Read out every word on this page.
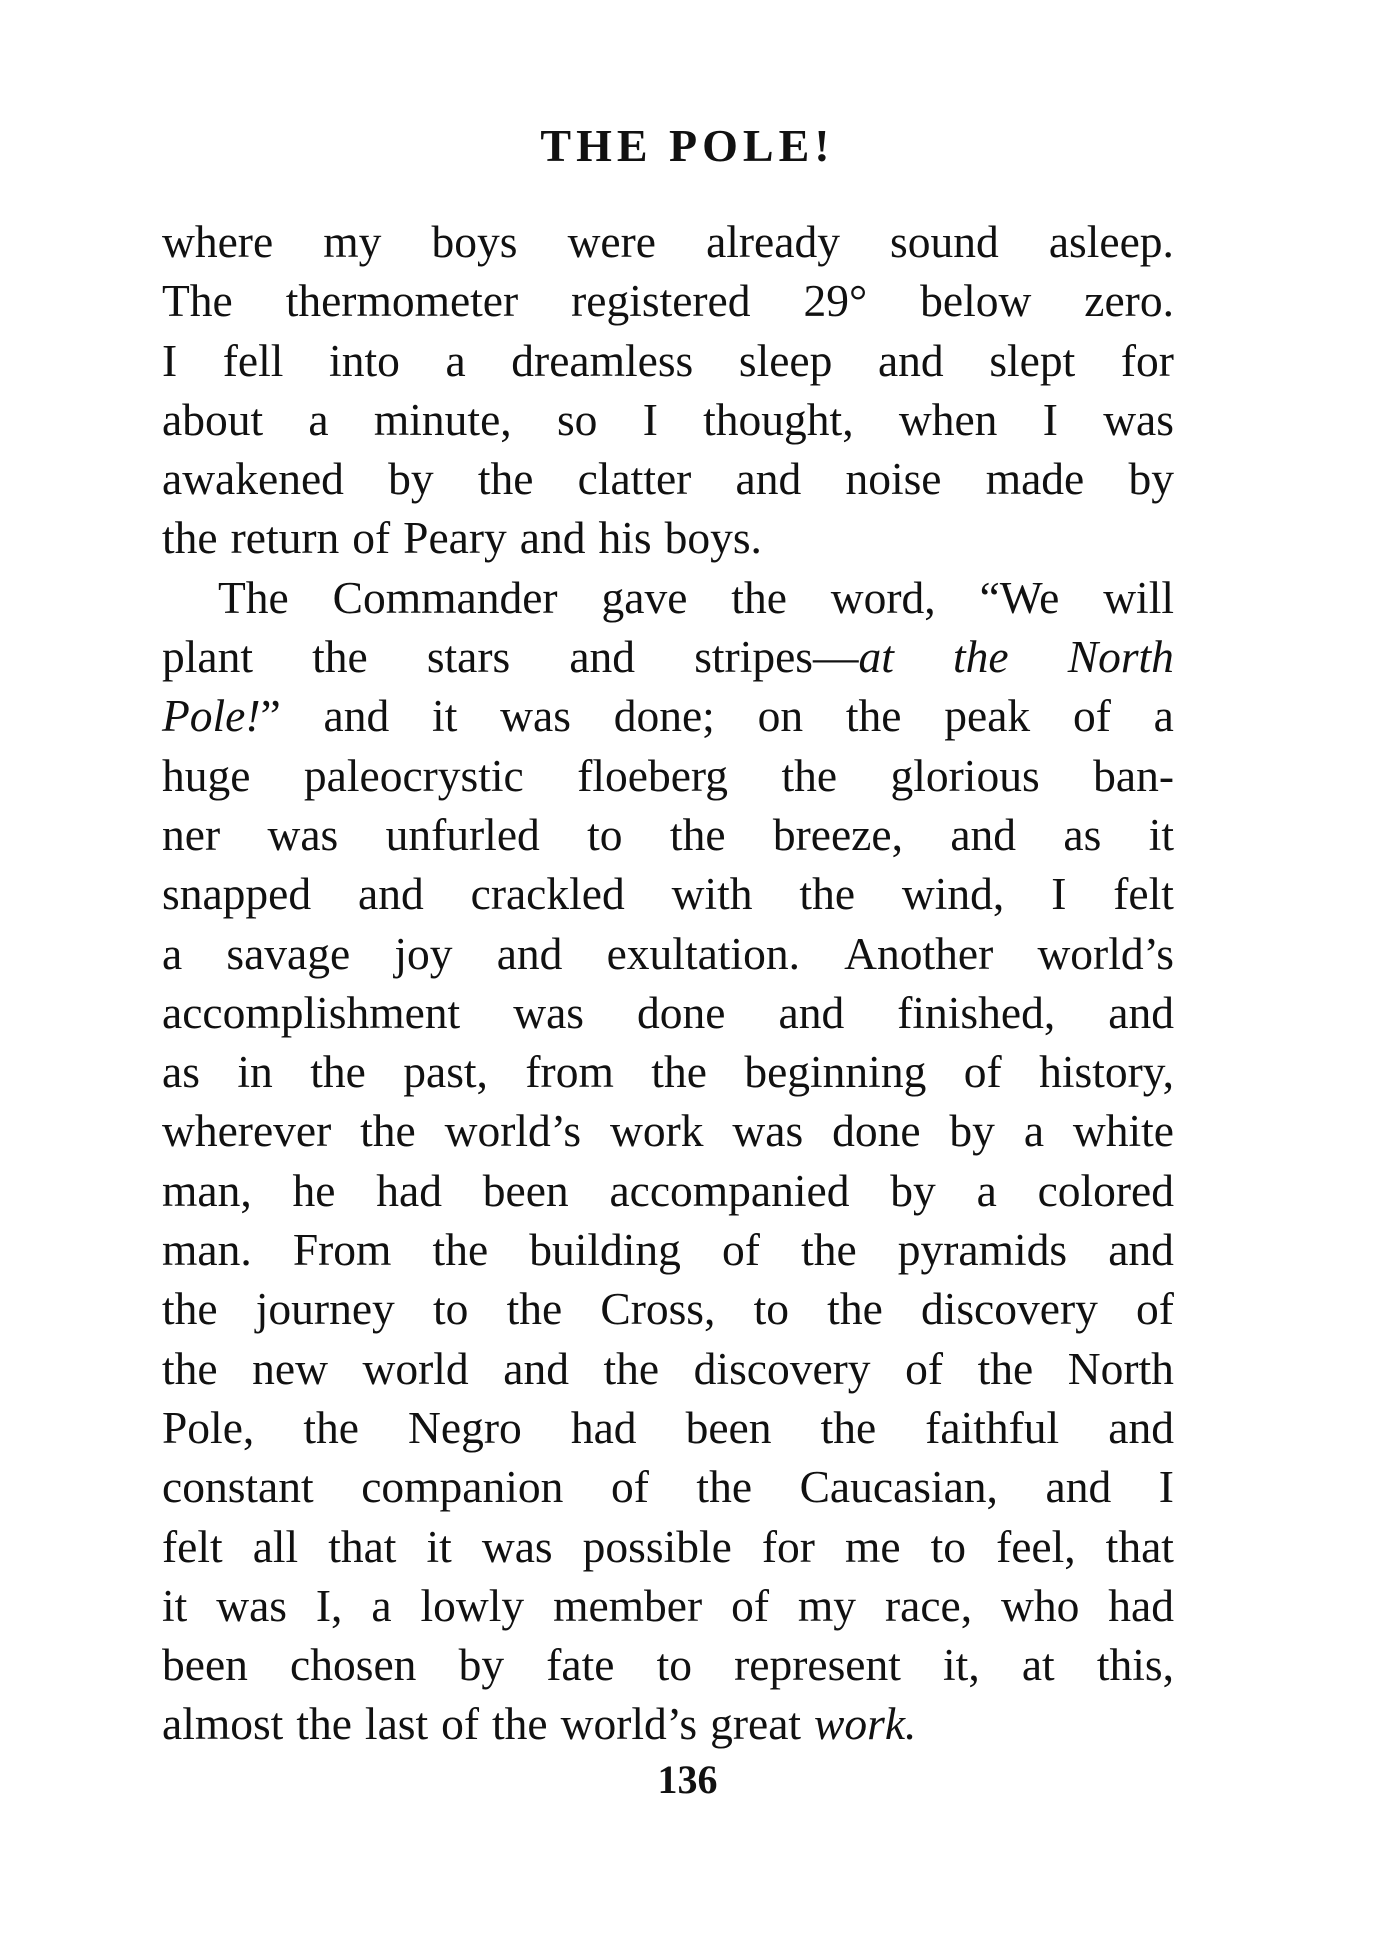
THE POLE!
where my boys were already sound asleep.
The thermometer registered 29° below zero.
I fell into a dreamless sleep and slept for
about a minute, so I thought, when I was
awakened by the clatter and noise made by
the return of Peary and his boys.
The Commander gave the word, “We will
plant the stars and stripes—at the North
Pole!” and it was done; on the peak of a
huge paleocrystic floeberg the glorious ban-
ner was unfurled to the breeze, and as it
snapped and crackled with the wind, I felt
a savage joy and exultation. Another world’s
accomplishment was done and finished, and
as in the past, from the beginning of history,
wherever the world’s work was done by a white
man, he had been accompanied by a colored
man. From the building of the pyramids and
the journey to the Cross, to the discovery of
the new world and the discovery of the North
Pole, the Negro had been the faithful and
constant companion of the Caucasian, and I
felt all that it was possible for me to feel, that
it was I, a lowly member of my race, who had
been chosen by fate to represent it, at this,
almost the last of the world’s great work.
136
